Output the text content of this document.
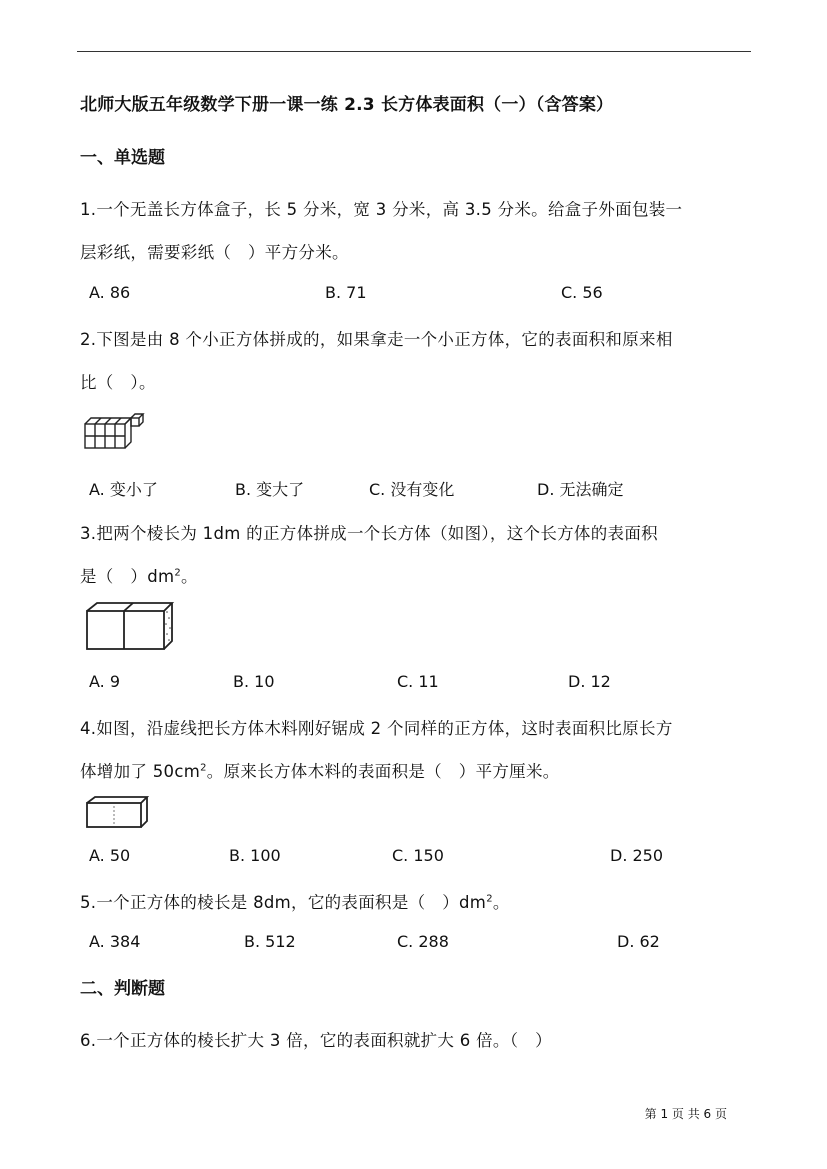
北师大版五年级数学下册一课一练 2.3 长方体表面积（一）（含答案）
一、单选题
1.一个无盖长方体盒子，长 5 分米，宽 3 分米，高 3.5 分米。给盒子外面包装一
层彩纸，需要彩纸（　）平方分米。
A. 86	B. 71	C. 56
2.下图是由 8 个小正方体拼成的，如果拿走一个小正方体，它的表面积和原来相
比（　）。
A. 变小了	B. 变大了	C. 没有变化	D. 无法确定
3.把两个棱长为 1dm 的正方体拼成一个长方体（如图），这个长方体的表面积
是（　）$dm^2$。
A. 9	B. 10	C. 11	D. 12
4.如图，沿虚线把长方体木料刚好锯成 2 个同样的正方体，这时表面积比原长方
体增加了 $50cm^2$。原来长方体木料的表面积是（　）平方厘米。
A. 50	B. 100	C. 150	D. 250
5.一个正方体的棱长是 8dm，它的表面积是（　）$dm^2$。
A. 384	B. 512	C. 288	D. 62
二、判断题
6.一个正方体的棱长扩大 3 倍，它的表面积就扩大 6 倍。（　）
第 1 页 共 6 页
